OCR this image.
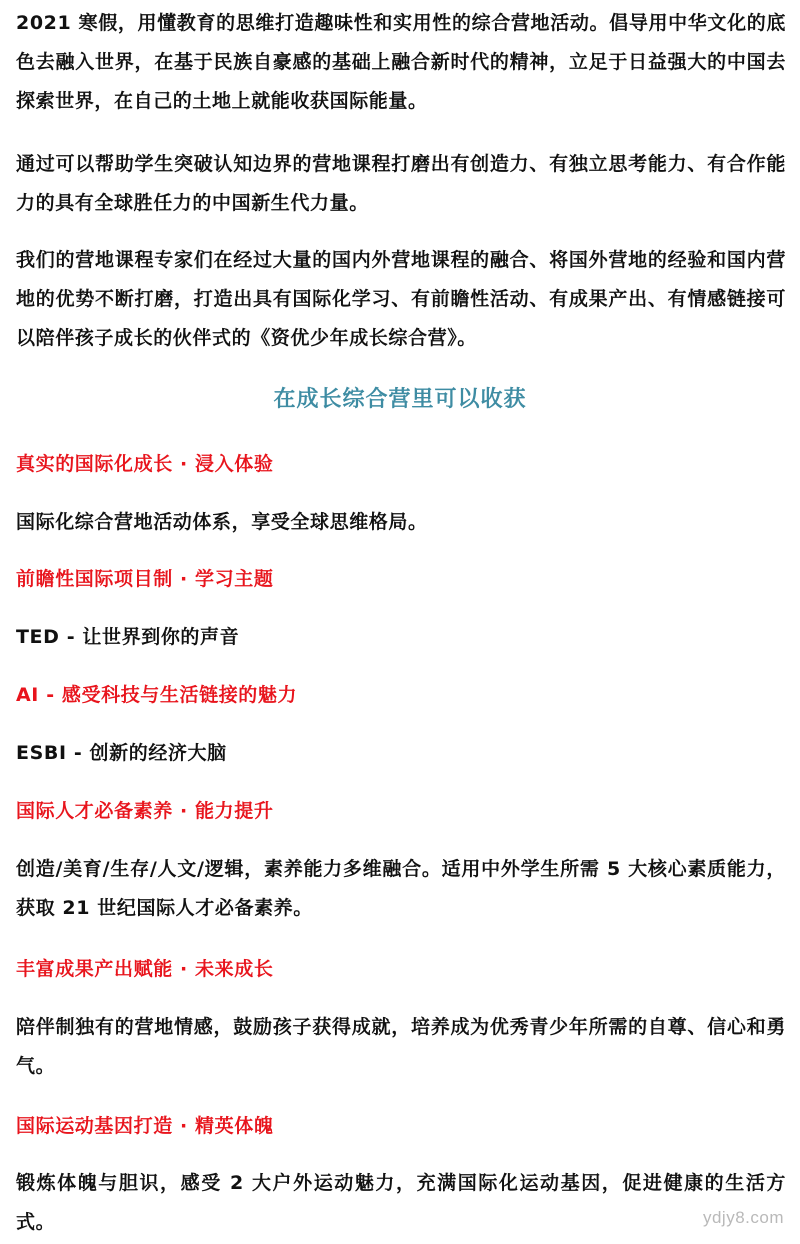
2021 寒假，用懂教育的思维打造趣味性和实用性的综合营地活动。倡导用中华文化的底色去融入世界，在基于民族自豪感的基础上融合新时代的精神，立足于日益强大的中国去探索世界，在自己的土地上就能收获国际能量。

通过可以帮助学生突破认知边界的营地课程打磨出有创造力、有独立思考能力、有合作能力的具有全球胜任力的中国新生代力量。

我们的营地课程专家们在经过大量的国内外营地课程的融合、将国外营地的经验和国内营地的优势不断打磨，打造出具有国际化学习、有前瞻性活动、有成果产出、有情感链接可以陪伴孩子成长的伙伴式的《资优少年成长综合营》。

在成长综合营里可以收获

真实的国际化成长 · 浸入体验

国际化综合营地活动体系，享受全球思维格局。

前瞻性国际项目制 · 学习主题

TED - 让世界到你的声音

AI - 感受科技与生活链接的魅力

ESBI - 创新的经济大脑

国际人才必备素养 · 能力提升

创造/美育/生存/人文/逻辑，素养能力多维融合。适用中外学生所需 5 大核心素质能力，获取 21 世纪国际人才必备素养。

丰富成果产出赋能 · 未来成长

陪伴制独有的营地情感，鼓励孩子获得成就，培养成为优秀青少年所需的自尊、信心和勇气。

国际运动基因打造 · 精英体魄

锻炼体魄与胆识，感受 2 大户外运动魅力，充满国际化运动基因，促进健康的生活方式。	ydjy8.com
